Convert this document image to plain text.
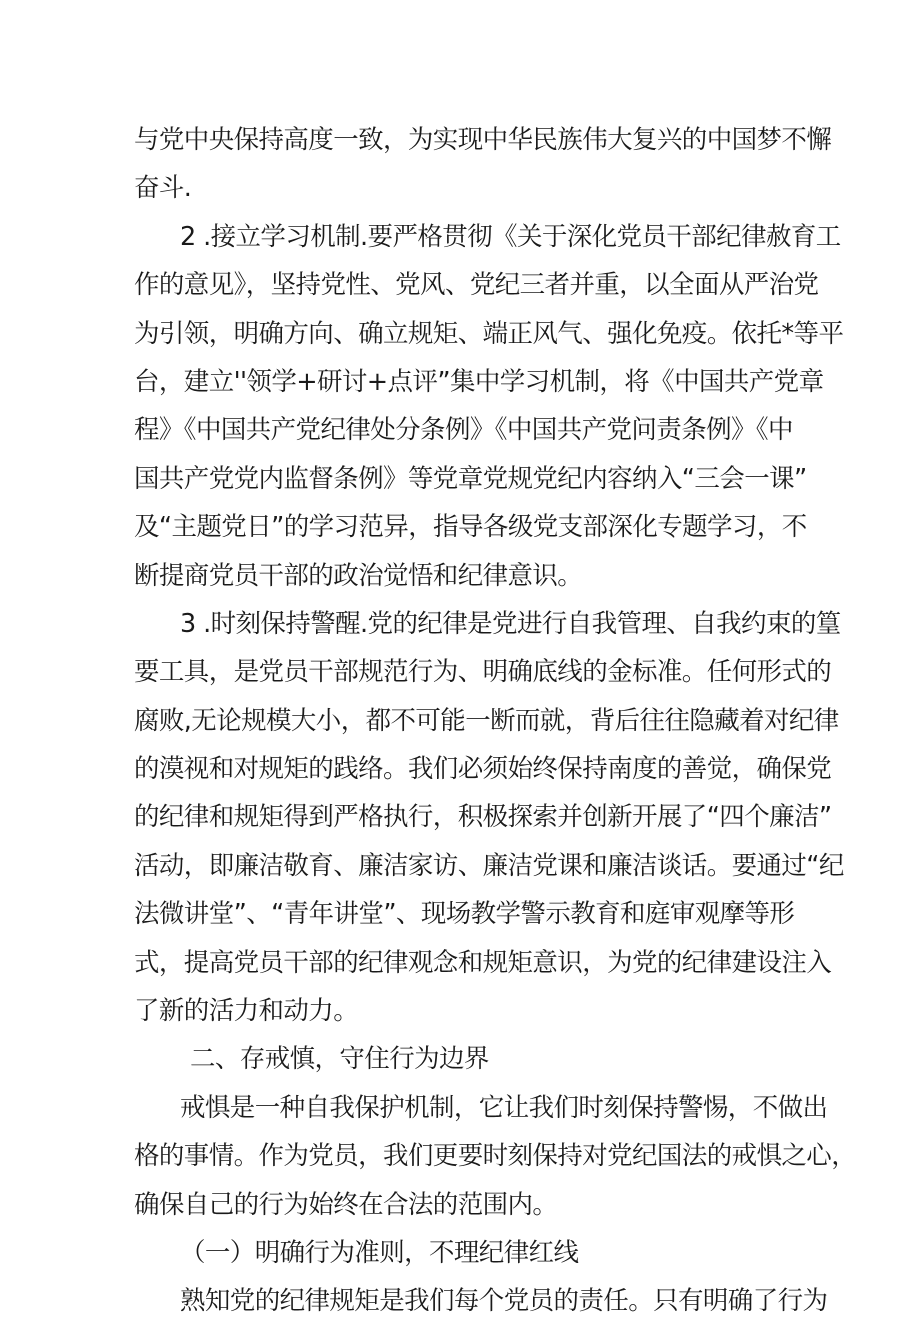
与党中央保持高度一致，为实现中华民族伟大复兴的中国梦不懈
奋斗.
2 .接立学习机制.要严格贯彻《关于深化党员干部纪律赦育工
作的意见》，坚持党性、党风、党纪三者并重，以全面从严治党
为引领，明确方向、确立规矩、端正风气、强化免疫。依托*等平
台，建立''领学+研讨+点评”集中学习机制，将《中国共产党章
程》《中国共产党纪律处分条例》《中国共产党问责条例》《中
国共产党党内监督条例》等党章党规党纪内容纳入“三会一课”
及“主题党日”的学习范异，指导各级党支部深化专题学习，不
断提商党员干部的政治觉悟和纪律意识。
3 .时刻保持警醒.党的纪律是党进行自我管理、自我约束的篁
要工具，是党员干部规范行为、明确底线的金标准。任何形式的
腐败,无论规模大小，都不可能一断而就，背后往往隐藏着对纪律
的漠视和对规矩的践络。我们必须始终保持南度的善觉，确保党
的纪律和规矩得到严格执行，积极探索并创新开展了“四个廉洁”
活动，即廉洁敬育、廉洁家访、廉洁党课和廉洁谈话。要通过“纪
法微讲堂”、“青年讲堂”、现场教学警示教育和庭审观摩等形
式，提高党员干部的纪律观念和规矩意识，为党的纪律建设注入
了新的活力和动力。
二、存戒慎，守住行为边界
戒惧是一种自我保护机制，它让我们时刻保持警惕，不做出
格的事情。作为党员，我们更要时刻保持对党纪国法的戒惧之心，
确保自己的行为始终在合法的范围内。
（一）明确行为准则，不理纪律红线
熟知党的纪律规矩是我们每个党员的责任。只有明确了行为
